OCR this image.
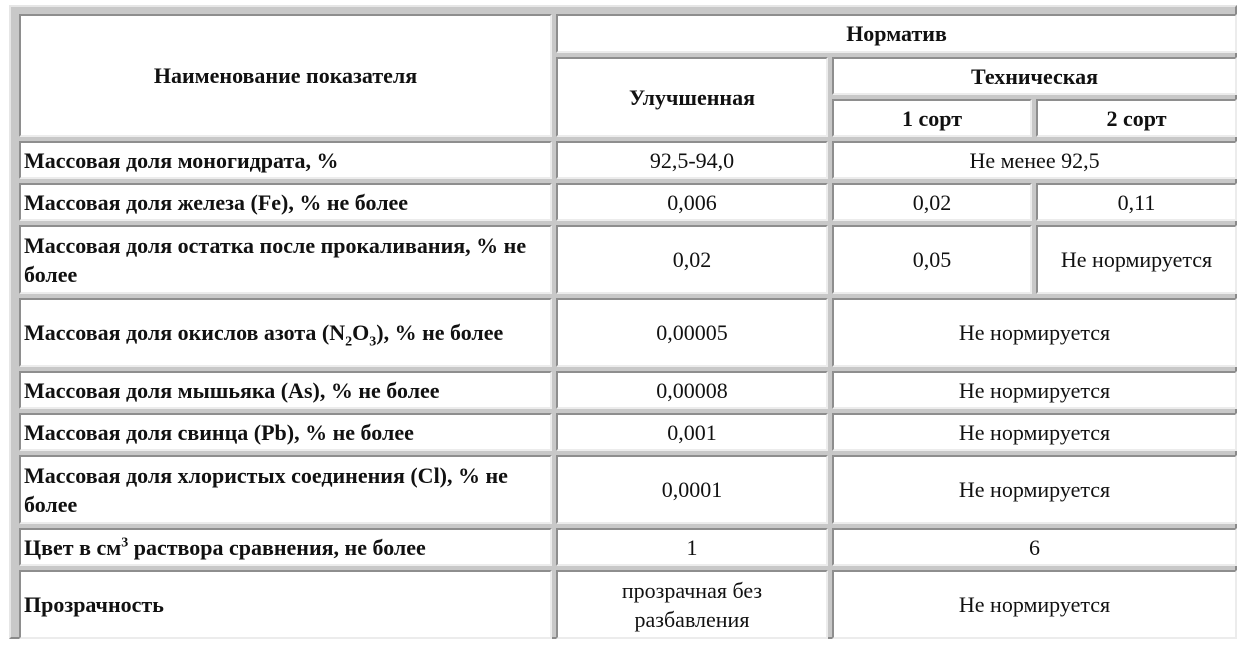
Наименование показателя	Норматив		
	Улучшенная	Техническая	
		1 сорт	2 сорт
Массовая доля моногидрата, %	92,5-94,0	Не менее 92,5	
Массовая доля железа (Fe), % не более	0,006	0,02	0,11
Массовая доля остатка после прокаливания, % не более	0,02	0,05	Не нормируется
Массовая доля окислов азота $(N_2O_3)$, % не более	0,00005	Не нормируется	
Массовая доля мышьяка (As), % не более	0,00008	Не нормируется	
Массовая доля свинца (Pb), % не более	0,001	Не нормируется	
Массовая доля хлористых соединения (Cl), % не более	0,0001	Не нормируется	
Цвет в $см^3$ раствора сравнения, не более	1	6	
Прозрачность	прозрачная без разбавления	Не нормируется	
